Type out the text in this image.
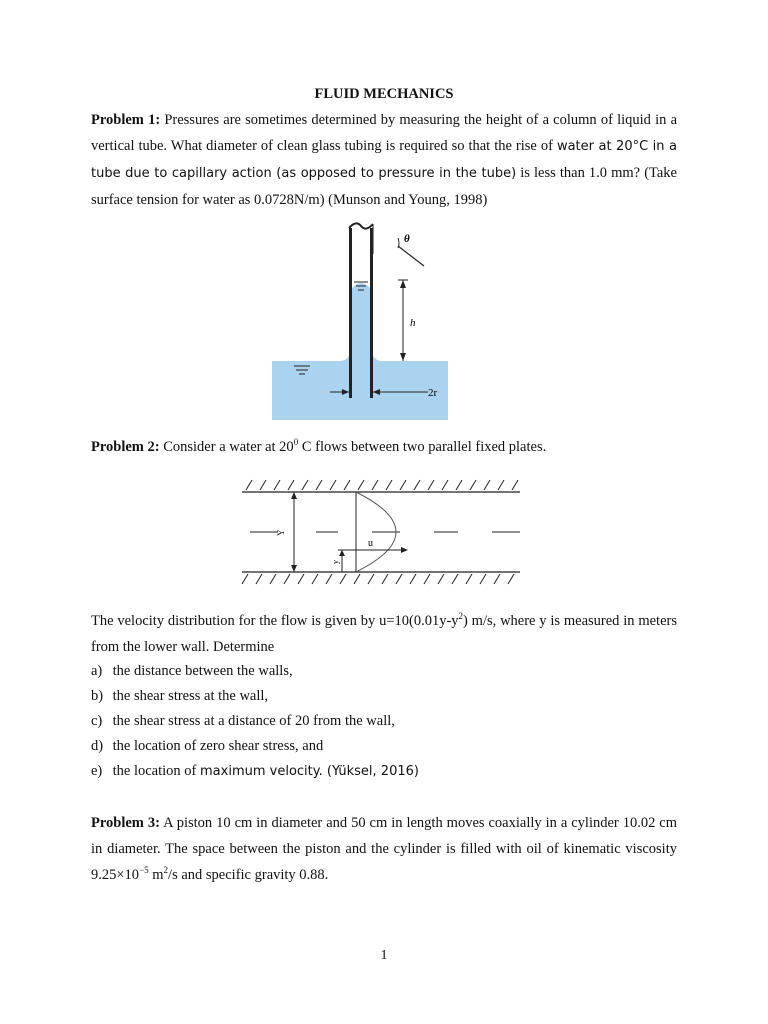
FLUID MECHANICS
Problem 1: Pressures are sometimes determined by measuring the height of a column of liquid in a vertical tube. What diameter of clean glass tubing is required so that the rise of water at 20°C in a tube due to capillary action (as opposed to pressure in the tube) is less than 1.0 mm? (Take surface tension for water as 0.0728N/m) (Munson and Young, 1998)
θ
h
2r
Problem 2: Consider a water at $20^0$ C flows between two parallel fixed plates.
Y
u
y
The velocity distribution for the flow is given by $u=10(0.01y-y^2)$ m/s, where y is measured in meters from the lower wall. Determine
a) the distance between the walls,
b) the shear stress at the wall,
c) the shear stress at a distance of 20 from the wall,
d) the location of zero shear stress, and
e) the location of maximum velocity. (Yüksel, 2016)
Problem 3: A piston 10 cm in diameter and 50 cm in length moves coaxially in a cylinder 10.02 cm in diameter. The space between the piston and the cylinder is filled with oil of kinematic viscosity $9.25\times 10^{-5}$ $m^2/s$ and specific gravity 0.88.
1
